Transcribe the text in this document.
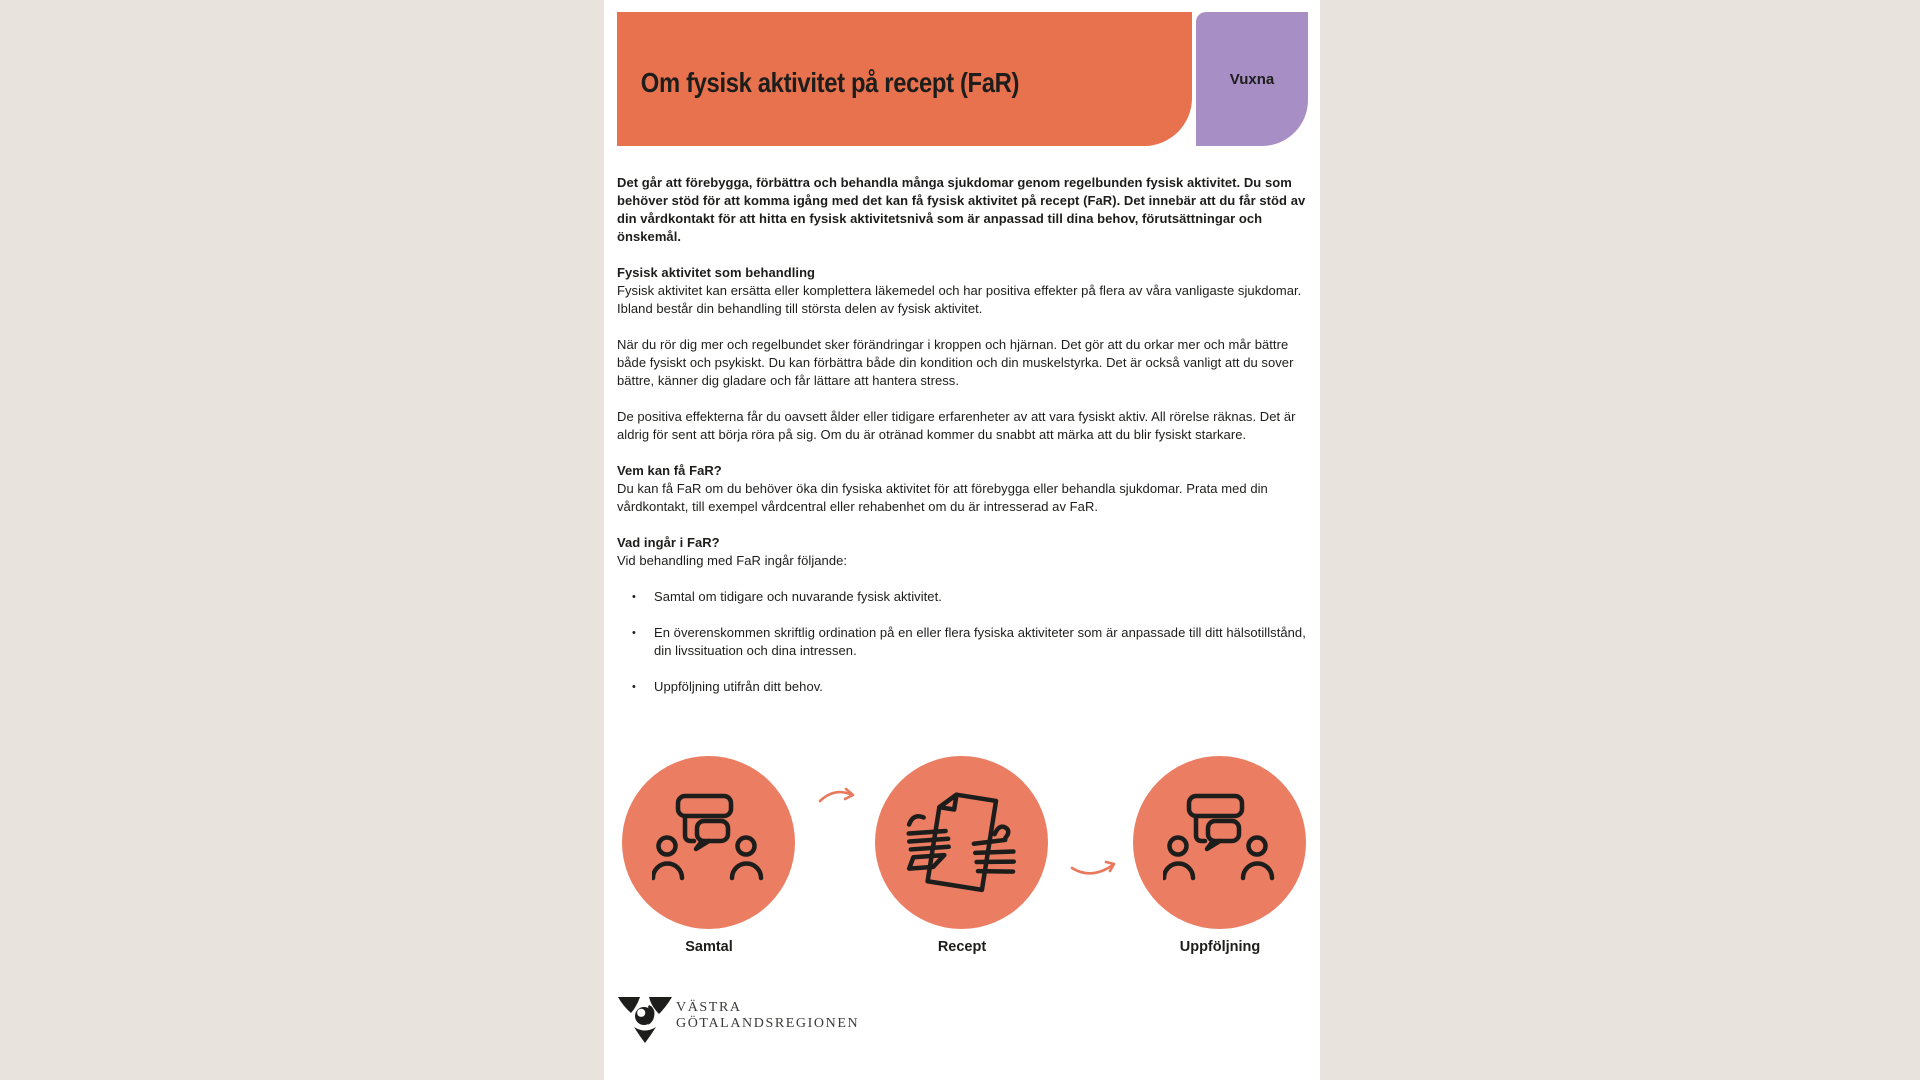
Om fysisk aktivitet på recept (FaR)	Vuxna

Det går att förebygga, förbättra och behandla många sjukdomar genom regelbunden fysisk aktivitet. Du som behöver stöd för att komma igång med det kan få fysisk aktivitet på recept (FaR). Det innebär att du får stöd av din vårdkontakt för att hitta en fysisk aktivitetsnivå som är anpassad till dina behov, förutsättningar och önskemål.

Fysisk aktivitet som behandling

Fysisk aktivitet kan ersätta eller komplettera läkemedel och har positiva effekter på flera av våra vanligaste sjukdomar. Ibland består din behandling till största delen av fysisk aktivitet.

När du rör dig mer och regelbundet sker förändringar i kroppen och hjärnan. Det gör att du orkar mer och mår bättre både fysiskt och psykiskt. Du kan förbättra både din kondition och din muskelstyrka. Det är också vanligt att du sover bättre, känner dig gladare och får lättare att hantera stress.

De positiva effekterna får du oavsett ålder eller tidigare erfarenheter av att vara fysiskt aktiv. All rörelse räknas. Det är aldrig för sent att börja röra på sig. Om du är otränad kommer du snabbt att märka att du blir fysiskt starkare.

Vem kan få FaR?

Du kan få FaR om du behöver öka din fysiska aktivitet för att förebygga eller behandla sjukdomar. Prata med din vårdkontakt, till exempel vårdcentral eller rehabenhet om du är intresserad av FaR.

Vad ingår i FaR?

Vid behandling med FaR ingår följande:

• Samtal om tidigare och nuvarande fysisk aktivitet.
• En överenskommen skriftlig ordination på en eller flera fysiska aktiviteter som är anpassade till ditt hälsotillstånd, din livssituation och dina intressen.
• Uppföljning utifrån ditt behov.
Samtal	Recept	Uppföljning
VÄSTRA
GÖTALANDSREGIONEN
